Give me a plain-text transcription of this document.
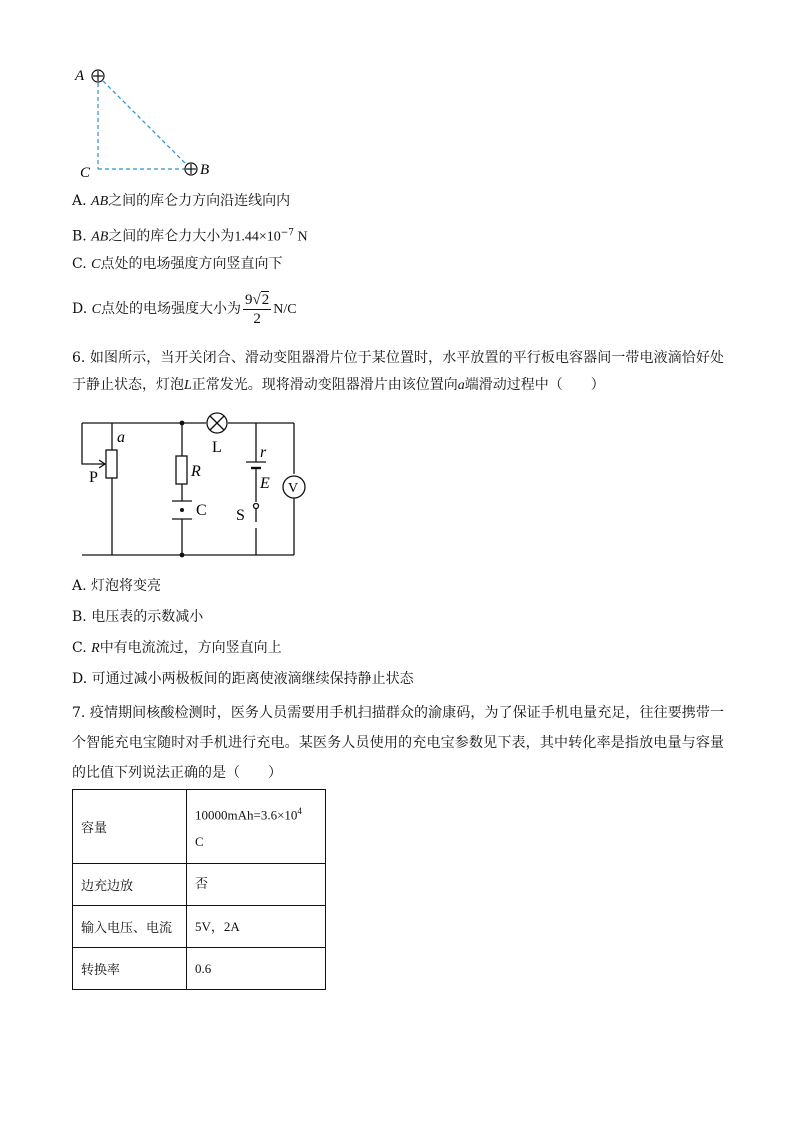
A
C	B
A. AB之间的库仑力方向沿连线向内
B. AB之间的库仑力大小为$1.44\times 10^{-7}$ N
C. C点处的电场强度方向竖直向下
D. C点处的电场强度大小为 $\frac{9√2}{2} N/C$
6. 如图所示，当开关闭合、滑动变阻器滑片位于某位置时，水平放置的平行板电容器间一带电液滴恰好处于静止状态，灯泡L正常发光。现将滑动变阻器滑片由该位置向a端滑动过程中（　　）
a
P	R
C
L r
E
S
V
A. 灯泡将变亮
B. 电压表的示数减小
C. R中有电流流过，方向竖直向上
D. 可通过减小两极板间的距离使液滴继续保持静止状态
7. 疫情期间核酸检测时，医务人员需要用手机扫描群众的渝康码，为了保证手机电量充足，往往要携带一个智能充电宝随时对手机进行充电。某医务人员使用的充电宝参数见下表，其中转化率是指放电量与容量的比值下列说法正确的是（　　）
容量	$10000mAh=3.6\times 10^4$
C
边充边放	否
输入电压、电流	5V，2A
转换率	0.6
